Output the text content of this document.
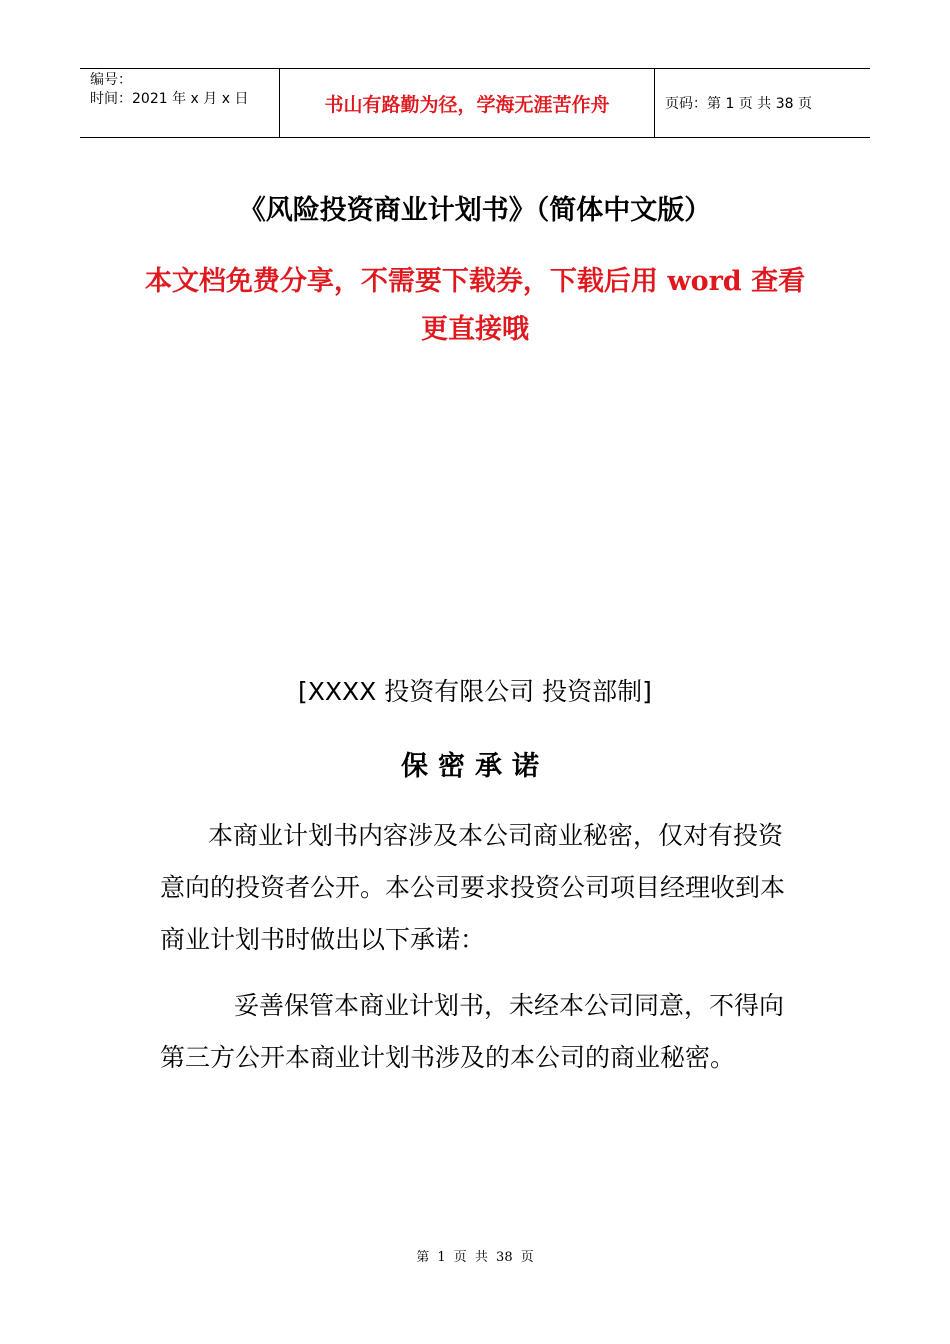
编号：
时间：2021 年 x 月 x 日	书山有路勤为径，学海无涯苦作舟	页码：第 1 页 共 38 页
《风险投资商业计划书》（简体中文版）
本文档免费分享，不需要下载券，下载后用 word 查看更直接哦
[XXXX 投资有限公司 投资部制]
保密承诺
本商业计划书内容涉及本公司商业秘密，仅对有投资意向的投资者公开。本公司要求投资公司项目经理收到本商业计划书时做出以下承诺：
妥善保管本商业计划书，未经本公司同意，不得向第三方公开本商业计划书涉及的本公司的商业秘密。
第 1 页 共 38 页
